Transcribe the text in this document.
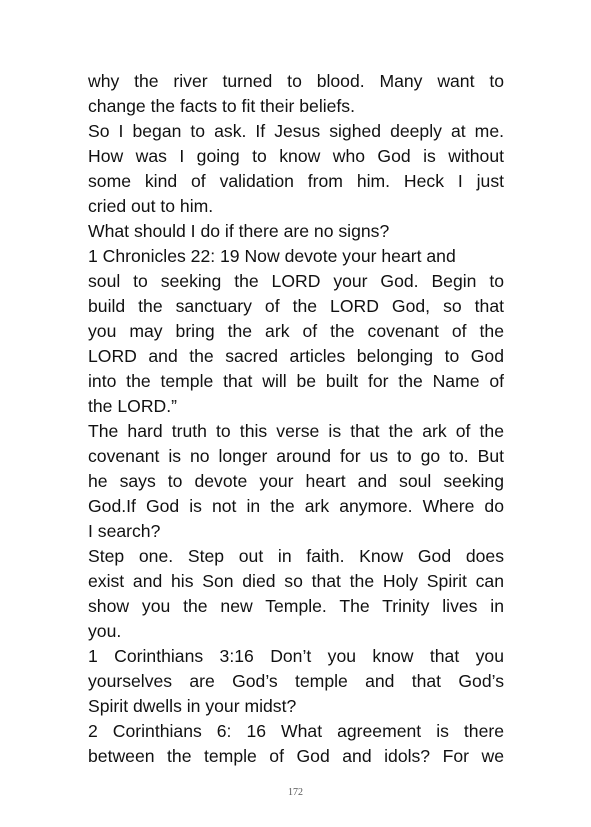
why the river turned to blood. Many want to
change the facts to fit their beliefs.
So I began to ask. If Jesus sighed deeply at me.
How was I going to know who God is without
some kind of validation from him. Heck I just
cried out to him.
What should I do if there are no signs?
1 Chronicles 22: 19 Now devote your heart and
soul to seeking the LORD your God. Begin to
build the sanctuary of the LORD God, so that
you may bring the ark of the covenant of the
LORD and the sacred articles belonging to God
into the temple that will be built for the Name of
the LORD.”
The hard truth to this verse is that the ark of the
covenant is no longer around for us to go to. But
he says to devote your heart and soul seeking
God.If God is not in the ark anymore. Where do
I search?
Step one. Step out in faith. Know God does
exist and his Son died so that the Holy Spirit can
show you the new Temple. The Trinity lives in
you.
1 Corinthians 3:16 Don’t you know that you
yourselves are God’s temple and that God’s
Spirit dwells in your midst?
2 Corinthians 6: 16 What agreement is there
between the temple of God and idols? For we
172
